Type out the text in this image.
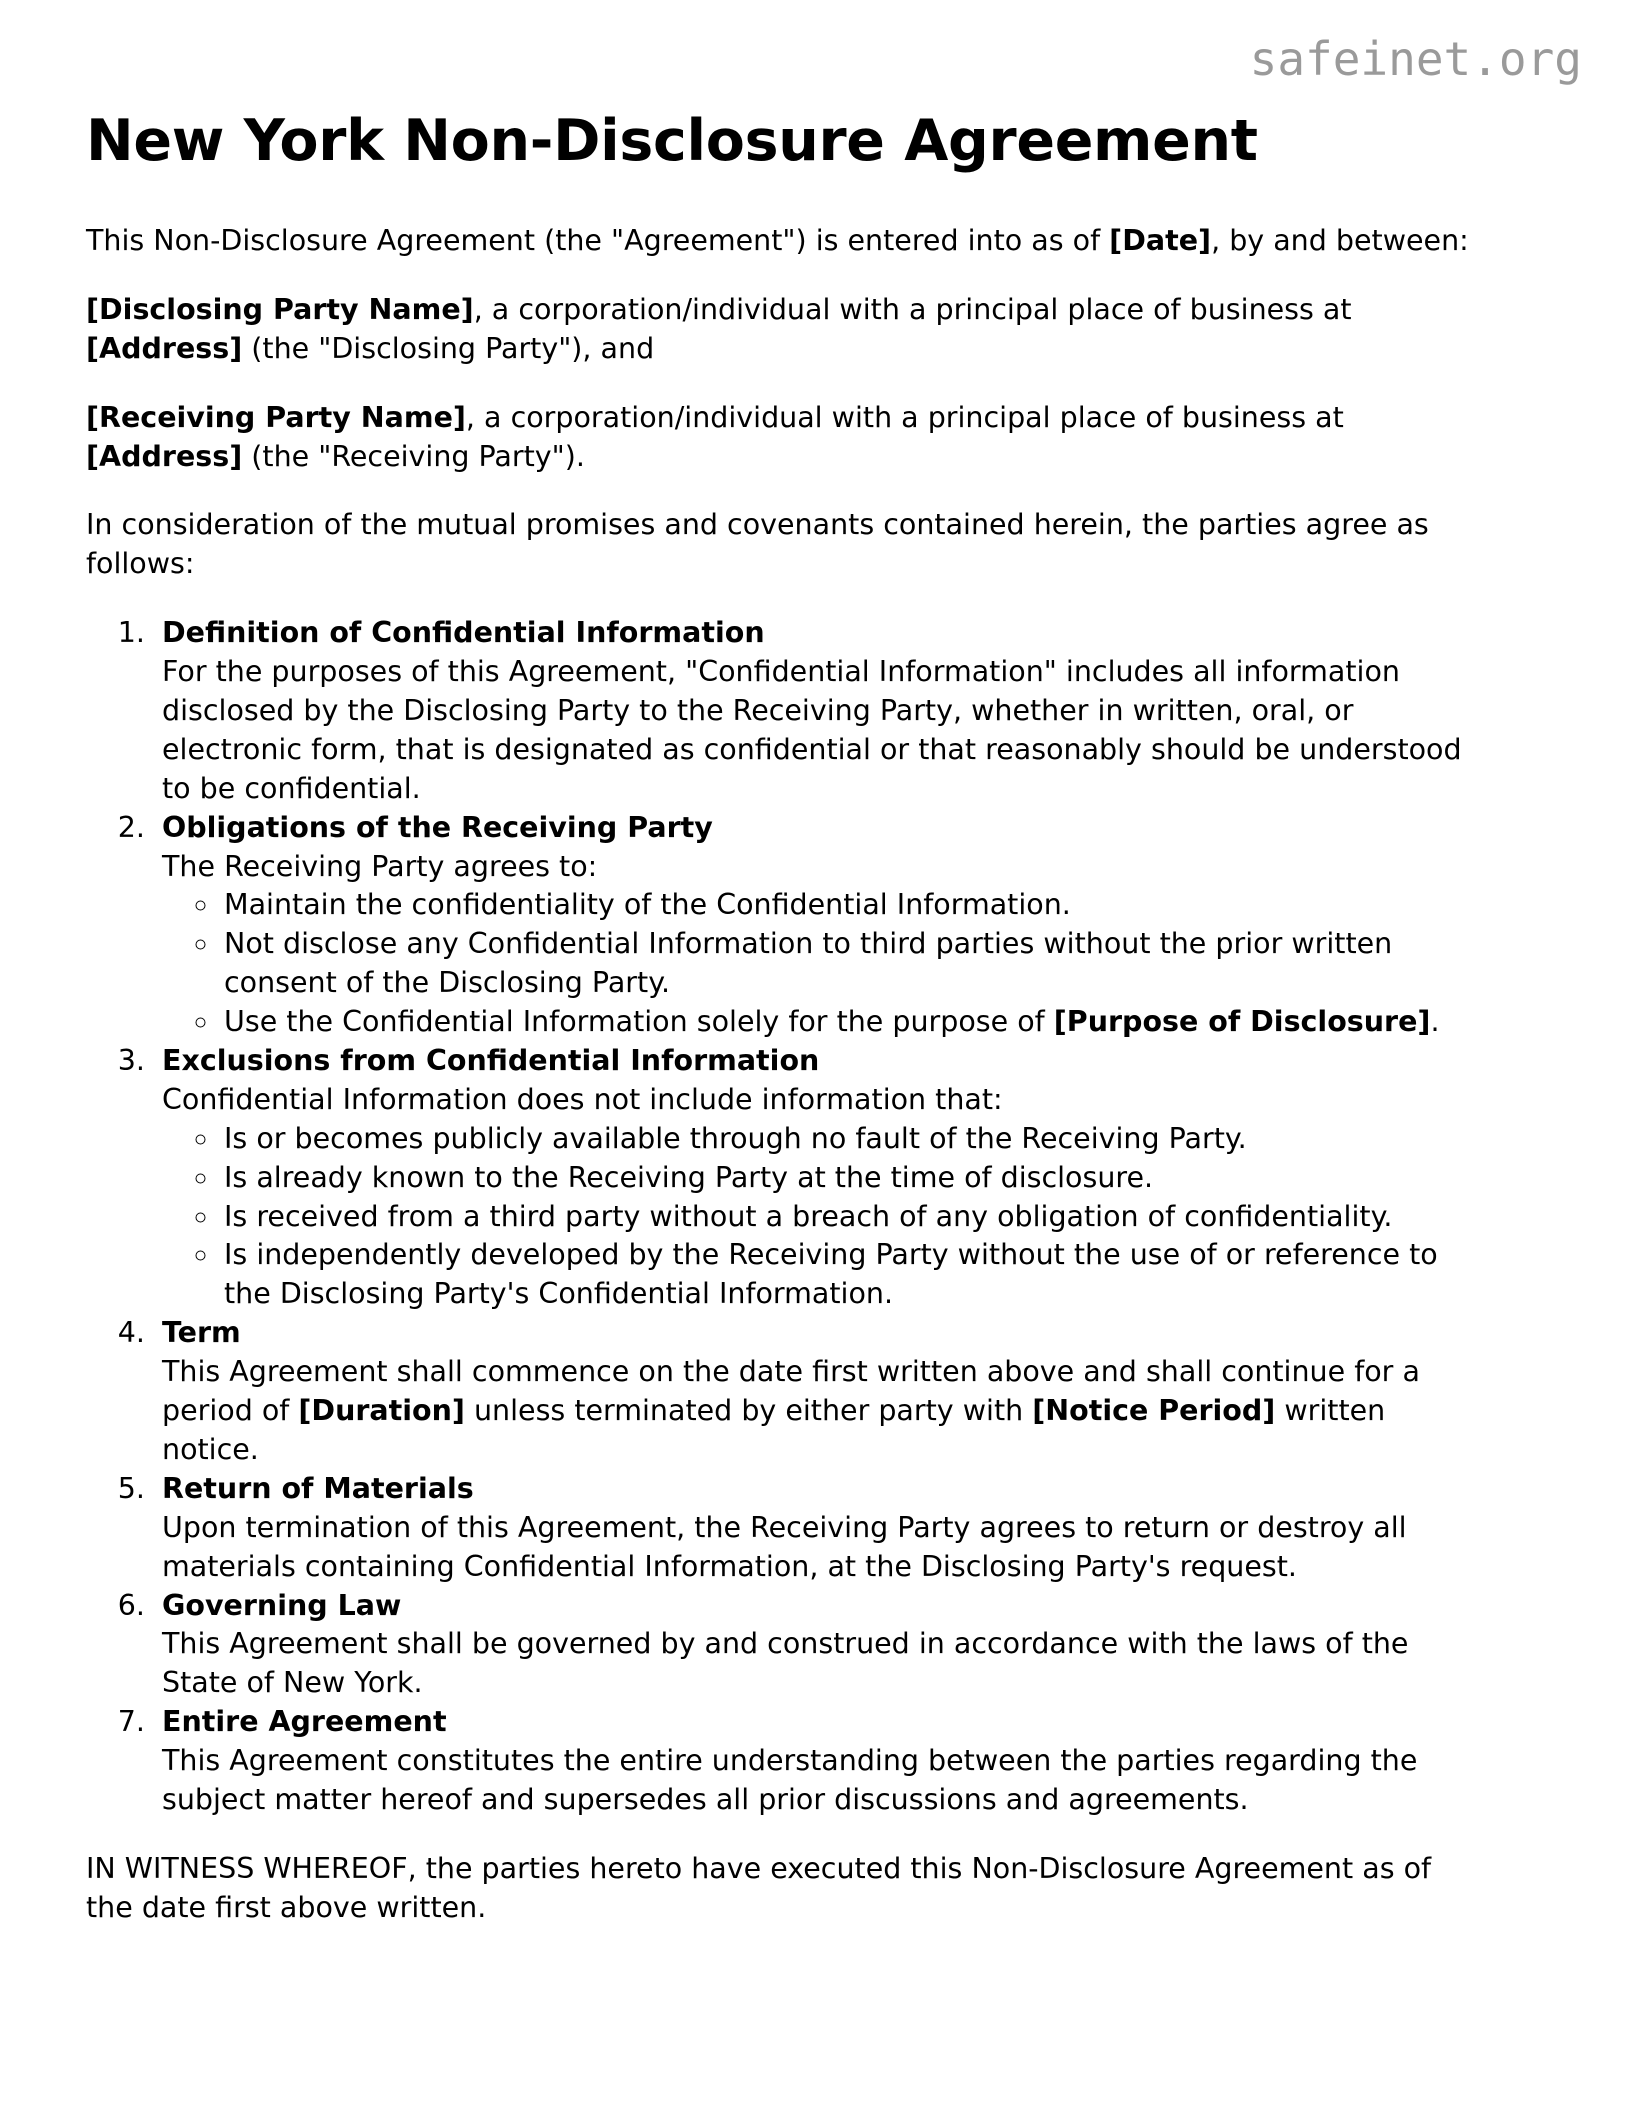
safeinet.org
New York Non-Disclosure Agreement

This Non-Disclosure Agreement (the "Agreement") is entered into as of [Date], by and between:

[Disclosing Party Name], a corporation/individual with a principal place of business at [Address] (the "Disclosing Party"), and

[Receiving Party Name], a corporation/individual with a principal place of business at [Address] (the "Receiving Party").

In consideration of the mutual promises and covenants contained herein, the parties agree as follows:

1. Definition of Confidential Information
For the purposes of this Agreement, "Confidential Information" includes all information disclosed by the Disclosing Party to the Receiving Party, whether in written, oral, or electronic form, that is designated as confidential or that reasonably should be understood to be confidential.
2. Obligations of the Receiving Party
The Receiving Party agrees to:
◦ Maintain the confidentiality of the Confidential Information.
◦ Not disclose any Confidential Information to third parties without the prior written consent of the Disclosing Party.
◦ Use the Confidential Information solely for the purpose of [Purpose of Disclosure].
3. Exclusions from Confidential Information
Confidential Information does not include information that:
◦ Is or becomes publicly available through no fault of the Receiving Party.
◦ Is already known to the Receiving Party at the time of disclosure.
◦ Is received from a third party without a breach of any obligation of confidentiality.
◦ Is independently developed by the Receiving Party without the use of or reference to the Disclosing Party's Confidential Information.
4. Term
This Agreement shall commence on the date first written above and shall continue for a period of [Duration] unless terminated by either party with [Notice Period] written notice.
5. Return of Materials
Upon termination of this Agreement, the Receiving Party agrees to return or destroy all materials containing Confidential Information, at the Disclosing Party's request.
6. Governing Law
This Agreement shall be governed by and construed in accordance with the laws of the State of New York.
7. Entire Agreement
This Agreement constitutes the entire understanding between the parties regarding the subject matter hereof and supersedes all prior discussions and agreements.

IN WITNESS WHEREOF, the parties hereto have executed this Non-Disclosure Agreement as of the date first above written.
